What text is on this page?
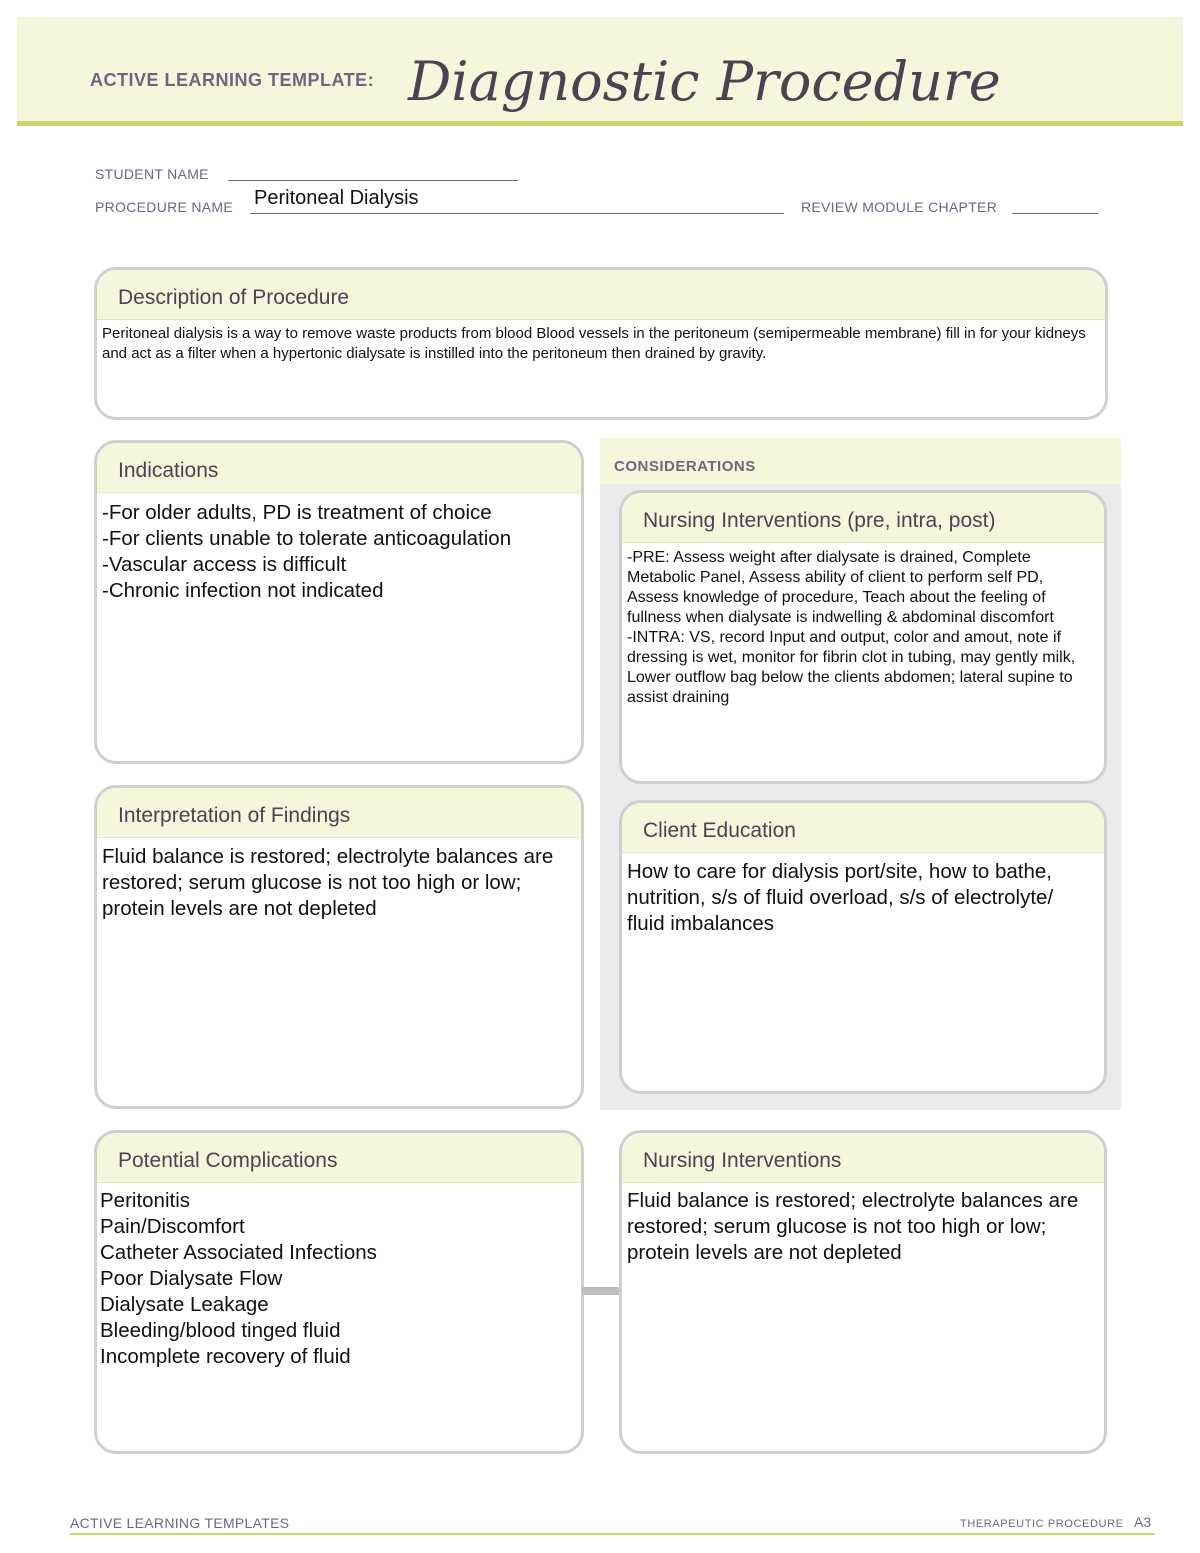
ACTIVE LEARNING TEMPLATE: Diagnostic Procedure
STUDENT NAME
PROCEDURE NAME Peritoneal Dialysis	REVIEW MODULE CHAPTER
Description of Procedure
Peritoneal dialysis is a way to remove waste products from blood Blood vessels in the peritoneum (semipermeable membrane) fill in for your kidneys and act as a filter when a hypertonic dialysate is instilled into the peritoneum then drained by gravity.
Indications
-For older adults, PD is treatment of choice
-For clients unable to tolerate anticoagulation
-Vascular access is difficult
-Chronic infection not indicated
CONSIDERATIONS
Nursing Interventions (pre, intra, post)
-PRE: Assess weight after dialysate is drained, Complete Metabolic Panel, Assess ability of client to perform self PD, Assess knowledge of procedure, Teach about the feeling of fullness when dialysate is indwelling & abdominal discomfort
-INTRA: VS, record Input and output, color and amout, note if dressing is wet, monitor for fibrin clot in tubing, may gently milk, Lower outflow bag below the clients abdomen; lateral supine to assist draining
Client Education
How to care for dialysis port/site, how to bathe, nutrition, s/s of fluid overload, s/s of electrolyte/ fluid imbalances
Interpretation of Findings
Fluid balance is restored; electrolyte balances are restored; serum glucose is not too high or low; protein levels are not depleted
Potential Complications
Peritonitis
Pain/Discomfort
Catheter Associated Infections
Poor Dialysate Flow
Dialysate Leakage
Bleeding/blood tinged fluid
Incomplete recovery of fluid
Nursing Interventions
Fluid balance is restored; electrolyte balances are restored; serum glucose is not too high or low; protein levels are not depleted
ACTIVE LEARNING TEMPLATES	THERAPEUTIC PROCEDURE A3
